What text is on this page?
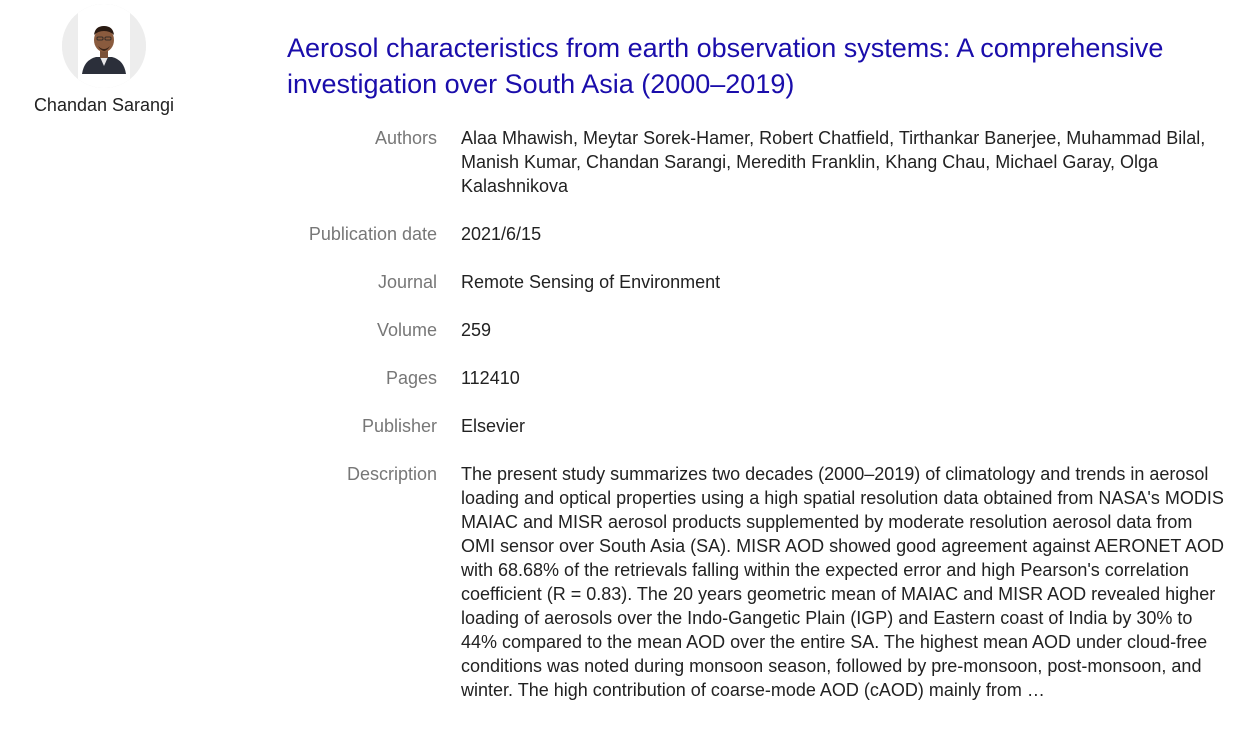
Chandan Sarangi
Aerosol characteristics from earth observation systems: A comprehensive investigation over South Asia (2000–2019)
Authors Alaa Mhawish, Meytar Sorek-Hamer, Robert Chatfield, Tirthankar Banerjee, Muhammad Bilal, Manish Kumar, Chandan Sarangi, Meredith Franklin, Khang Chau, Michael Garay, Olga Kalashnikova
Publication date 2021/6/15
Journal Remote Sensing of Environment
Volume 259
Pages 112410
Publisher Elsevier
Description The present study summarizes two decades (2000–2019) of climatology and trends in aerosol loading and optical properties using a high spatial resolution data obtained from NASA's MODIS MAIAC and MISR aerosol products supplemented by moderate resolution aerosol data from OMI sensor over South Asia (SA). MISR AOD showed good agreement against AERONET AOD with 68.68% of the retrievals falling within the expected error and high Pearson's correlation coefficient (R = 0.83). The 20 years geometric mean of MAIAC and MISR AOD revealed higher loading of aerosols over the Indo-Gangetic Plain (IGP) and Eastern coast of India by 30% to 44% compared to the mean AOD over the entire SA. The highest mean AOD under cloud-free conditions was noted during monsoon season, followed by pre-monsoon, post-monsoon, and winter. The high contribution of coarse-mode AOD (cAOD) mainly from …
